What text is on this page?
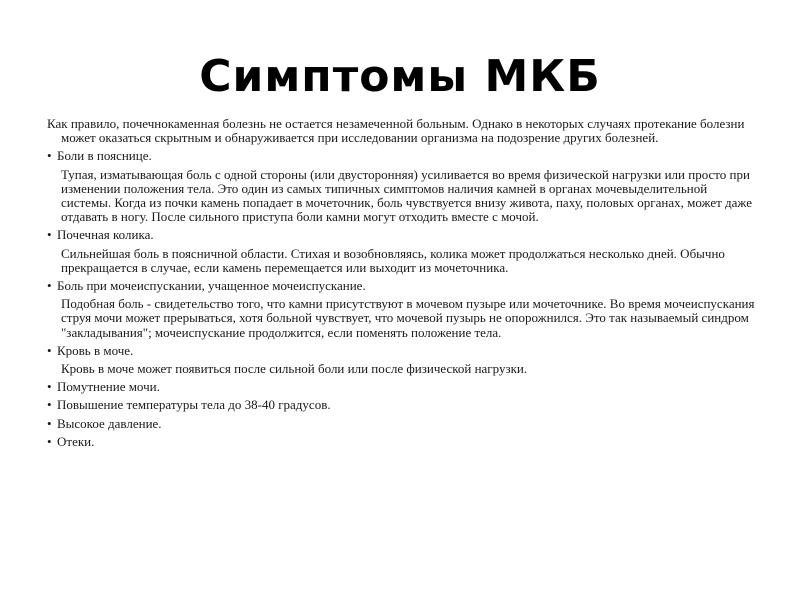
Симптомы МКБ

Как правило, почечнокаменная болезнь не остается незамеченной больным. Однако в некоторых случаях протекание болезни может оказаться скрытным и обнаруживается при исследовании организма на подозрение других болезней.

• Боли в пояснице.

Тупая, изматывающая боль с одной стороны (или двусторонняя) усиливается во время физической нагрузки или просто при изменении положения тела. Это один из самых типичных симптомов наличия камней в органах мочевыделительной системы. Когда из почки камень попадает в мочеточник, боль чувствуется внизу живота, паху, половых органах, может даже отдавать в ногу. После сильного приступа боли камни могут отходить вместе с мочой.

• Почечная колика.

Сильнейшая боль в поясничной области. Стихая и возобновляясь, колика может продолжаться несколько дней. Обычно прекращается в случае, если камень перемещается или выходит из мочеточника.

• Боль при мочеиспускании, учащенное мочеиспускание.

Подобная боль - свидетельство того, что камни присутствуют в мочевом пузыре или мочеточнике. Во время мочеиспускания струя мочи может прерываться, хотя больной чувствует, что мочевой пузырь не опорожнился. Это так называемый синдром "закладывания"; мочеиспускание продолжится, если поменять положение тела.

• Кровь в моче.

Кровь в моче может появиться после сильной боли или после физической нагрузки.

• Помутнение мочи.

• Повышение температуры тела до 38-40 градусов.

• Высокое давление.

• Отеки.
